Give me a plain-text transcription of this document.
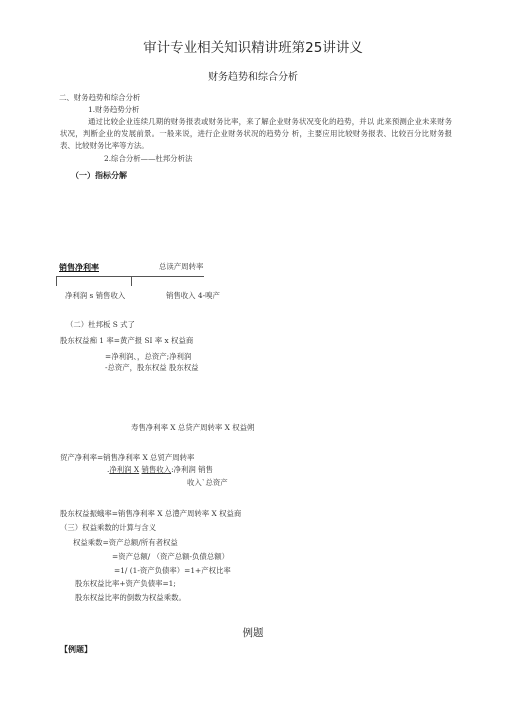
审计专业相关知识精讲班第25讲讲义
财务趋势和综合分析
二、财务趋势和综合分析
1.财务趋势分析
通过比较企业连续几期的财务报表或财务比率，来了解企业财务状况变化的趋势，并以 此来预测企业未来财务状况，判断企业的发展前景。一般来说，进行企业财务状况的趋势分 析，主要应用比较财务报表、比较百分比财务报表、比较财务比率等方法。
2.综合分析——杜邦分析法
（一）指标分解
销售净利率	总读产周转率
净利润 s 销售收入	销售收入 4-嗅产
（二）杜邦板 S 式了
股东权益痴 1 率=黄产报 SI 率 x 权益商
=净利润、，总资产;净利润
-总资产，股东权益 股东权益
寿售净利率 X 总贷产周转率 X 权益朔
贸产净利率=销售净利率 X 总贸产周转率
.净利润 X 销售收入:净利润 销售
收入`总资产
股东权益振蛾率=销售净利率 X 总澧产周转率 X 权益商
（三）权益乘数的计算与含义
权益乘数=资产总额/所有者权益
=资产总额/ （资产总额-负债总额）
=1/ (1-资产负债率）=1+产权比率
股东权益比率+资产负债率=1;
股东权益比率的倒数为权益乘数。
例题
【例题】
